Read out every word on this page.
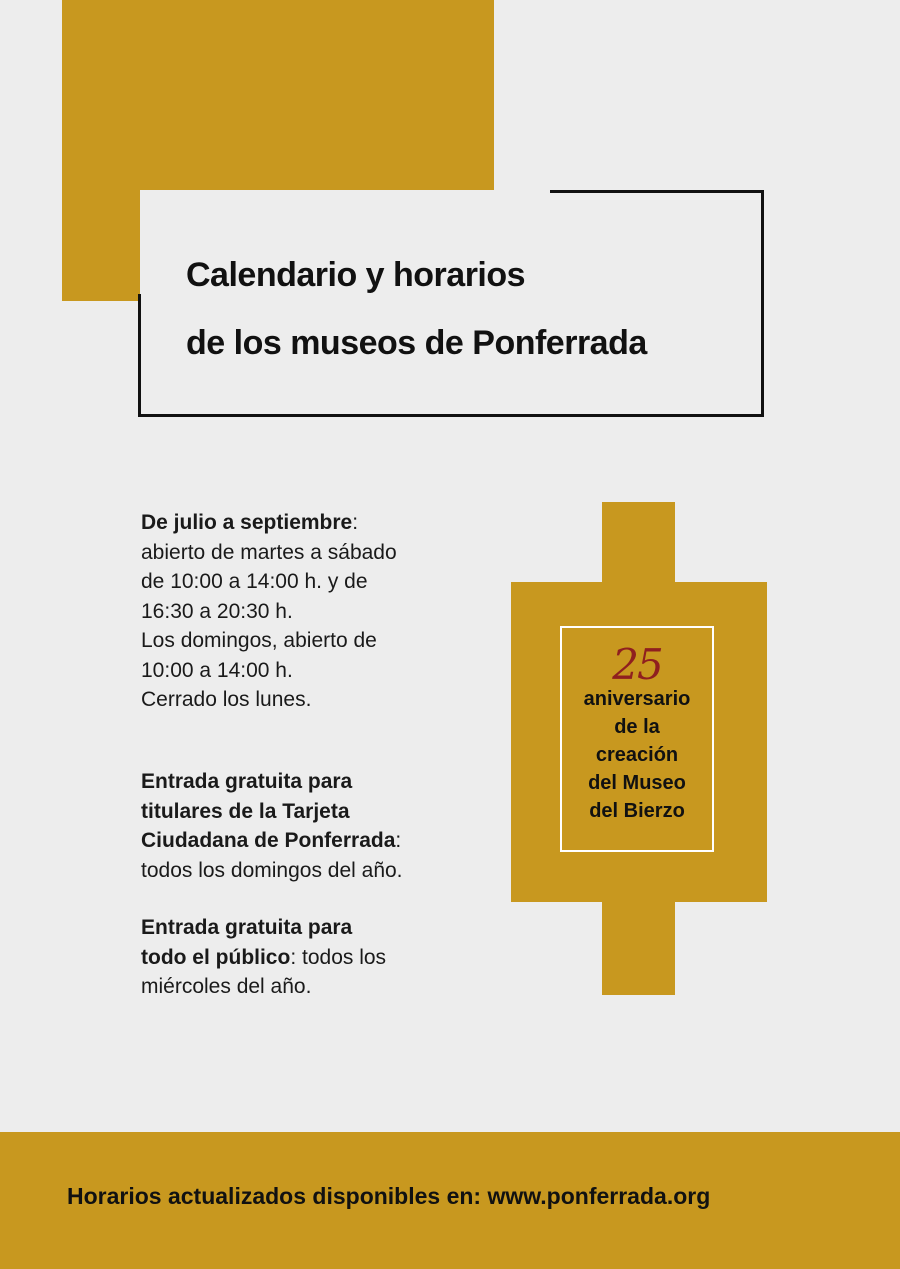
Calendario y horarios
de los museos de Ponferrada
De julio a septiembre:
abierto de martes a sábado
de 10:00 a 14:00 h. y de
16:30 a 20:30 h.
Los domingos, abierto de
10:00 a 14:00 h.
Cerrado los lunes.
Entrada gratuita para
titulares de la Tarjeta
Ciudadana de Ponferrada:
todos los domingos del año.
Entrada gratuita para
todo el público: todos los
miércoles del año.
25
aniversario
de la
creación
del Museo
del Bierzo
Horarios actualizados disponibles en: www.ponferrada.org
